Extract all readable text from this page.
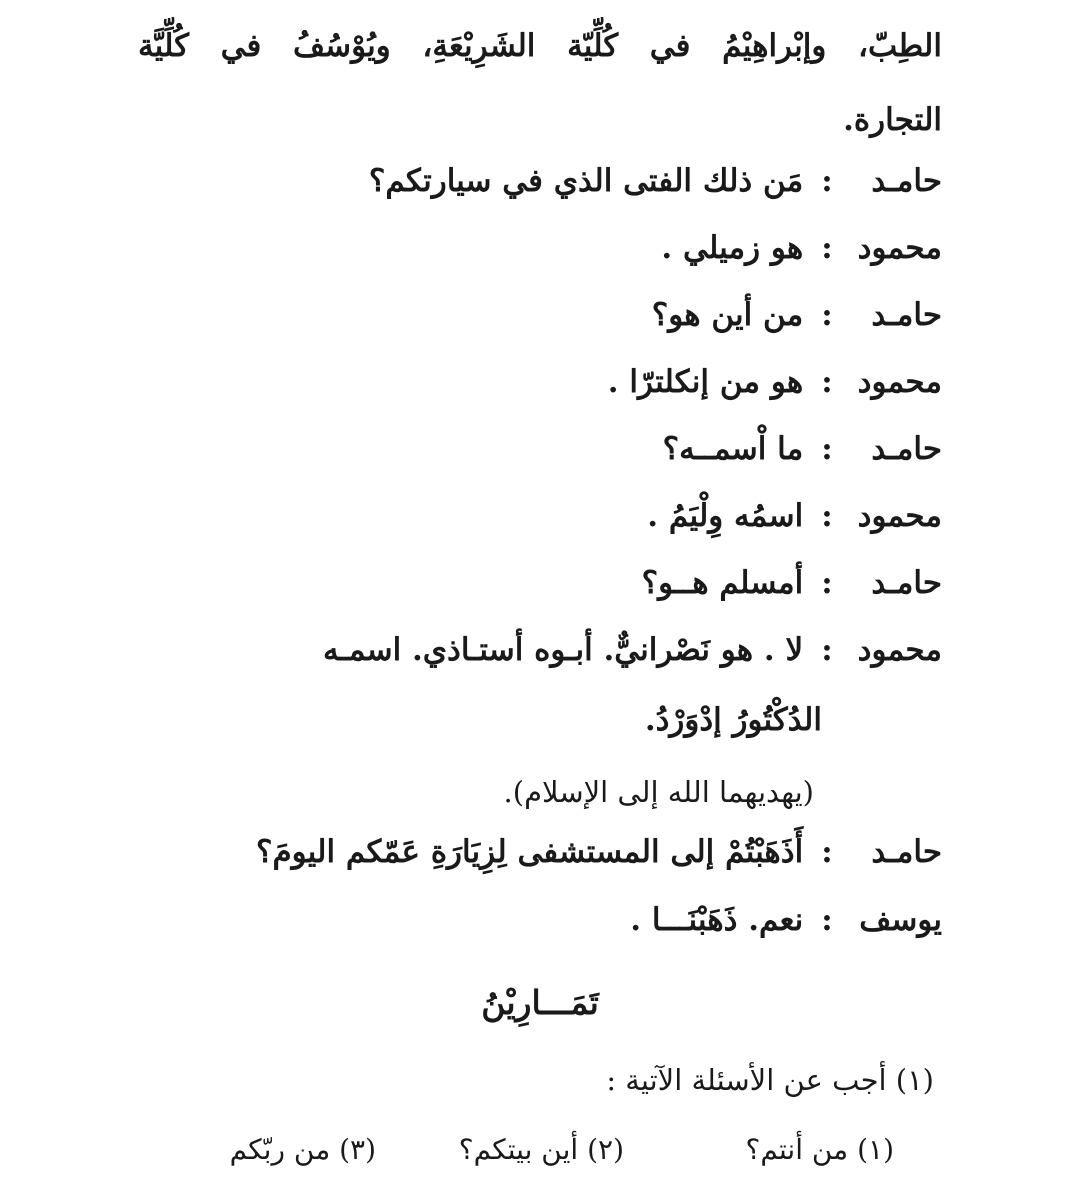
الطِبّ، وإبْراهِيْمُ في كُلِّيّة الشَرِيْعَةِ، ويُوْسُفُ في كُلِّيَّة
التجارة.
حامـد: مَن ذلك الفتى الذي في سيارتكم؟
محمود: هو زميلي .
حامـد: من أين هو؟
محمود: هو من إنكلترّا .
حامـد: ما اْسمــه؟
محمود: اسمُه وِلْيَمُ .
حامـد: أمسلم هــو؟
محمود: لا . هو نَصْرانيٌّ. أبـوه أستـاذي. اسمـه
الدُكْتُورُ إدْوَرْدُ.
(يهديهما الله إلى الإسلام).
حامـد: أَذَهَبْتُمْ إلى المستشفى لِزِيَارَةِ عَمّكم اليومَ؟
يوسف: نعم. ذَهَبْنَـــا .
تَمَـــارِيْنُ
(١) أجب عن الأسئلة الآتية :
(١) من أنتم؟
(٢) أين بيتكم؟
(٣) من ربّكم
